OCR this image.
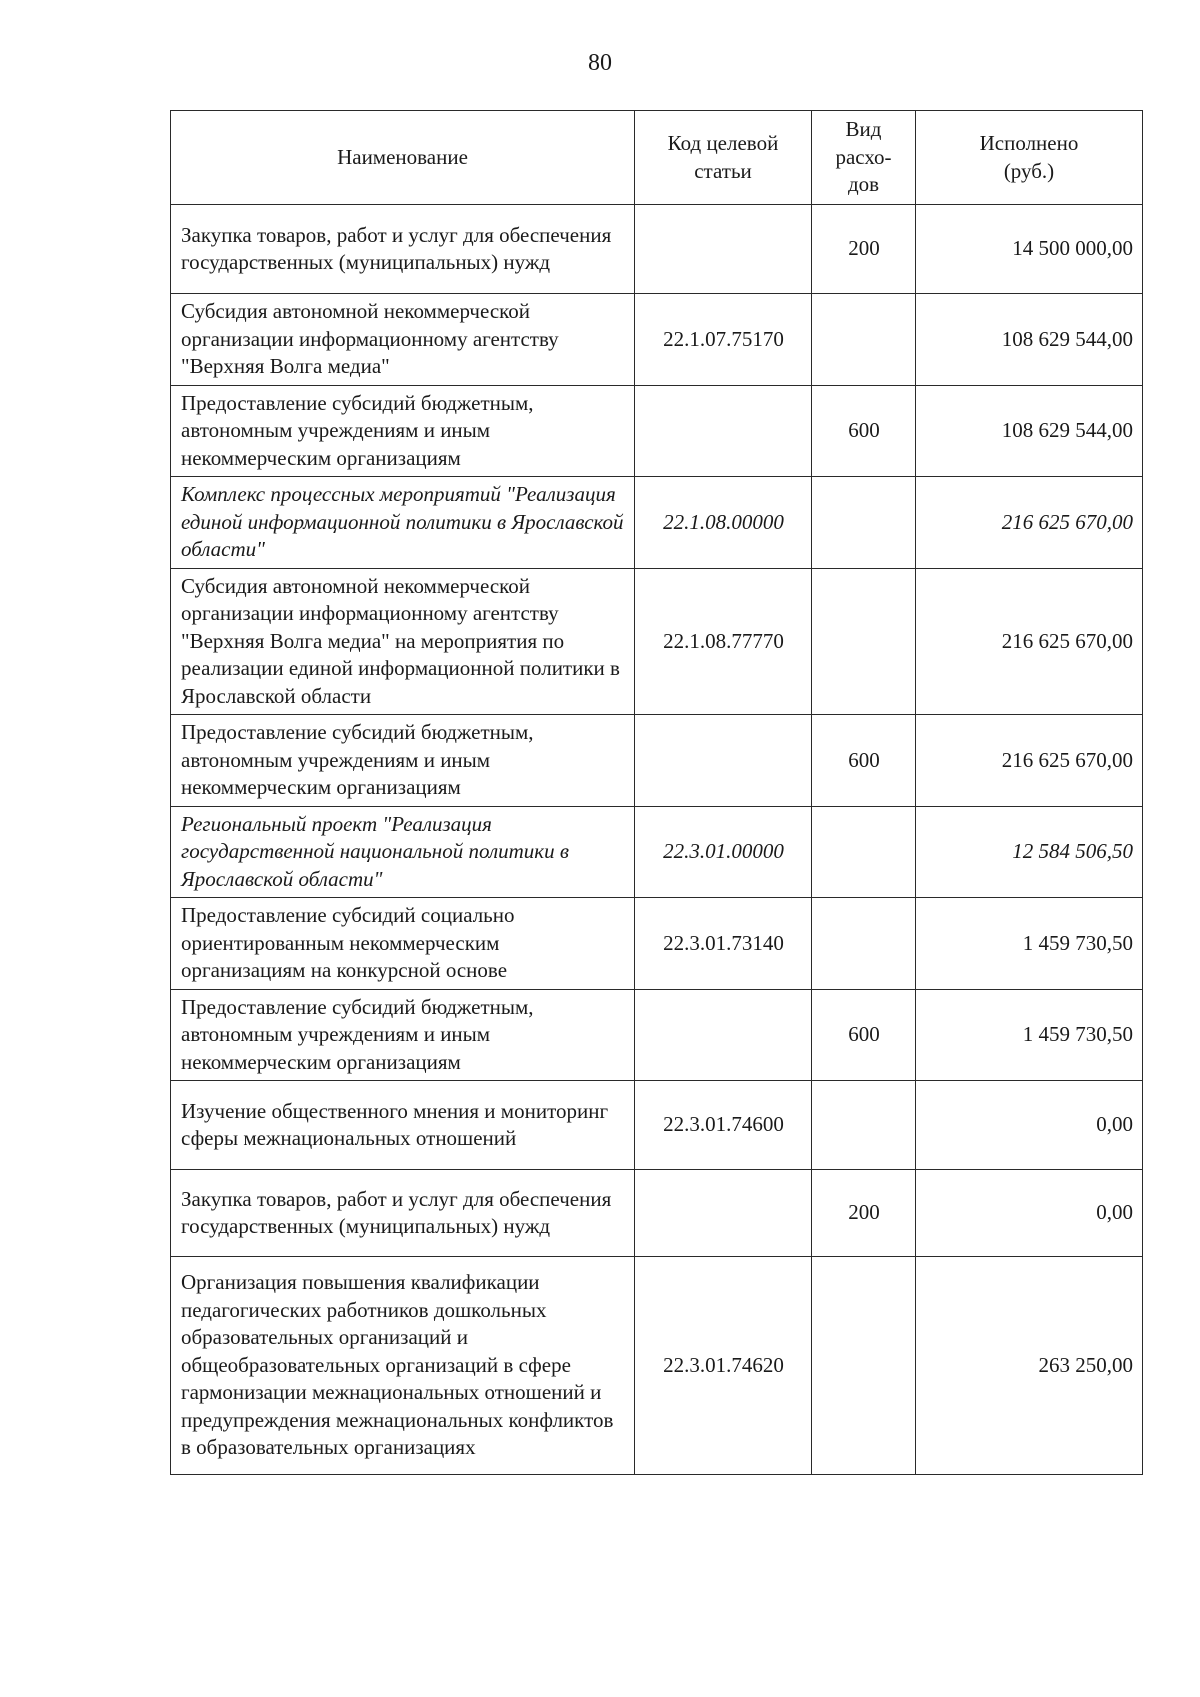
80
Наименование	Код целевой статьи	Вид расхо-дов	Исполнено (руб.)
Закупка товаров, работ и услуг для обеспечения государственных (муниципальных) нужд		200	14 500 000,00
Субсидия автономной некоммерческой организации информационному агентству "Верхняя Волга медиа"	22.1.07.75170		108 629 544,00
Предоставление субсидий бюджетным, автономным учреждениям и иным некоммерческим организациям		600	108 629 544,00
Комплекс процессных мероприятий "Реализация единой информационной политики в Ярославской области"	22.1.08.00000		216 625 670,00
Субсидия автономной некоммерческой организации информационному агентству "Верхняя Волга медиа" на мероприятия по реализации единой информационной политики в Ярославской области	22.1.08.77770		216 625 670,00
Предоставление субсидий бюджетным, автономным учреждениям и иным некоммерческим организациям		600	216 625 670,00
Региональный проект "Реализация государственной национальной политики в Ярославской области"	22.3.01.00000		12 584 506,50
Предоставление субсидий социально ориентированным некоммерческим организациям на конкурсной основе	22.3.01.73140		1 459 730,50
Предоставление субсидий бюджетным, автономным учреждениям и иным некоммерческим организациям		600	1 459 730,50
Изучение общественного мнения и мониторинг сферы межнациональных отношений	22.3.01.74600		0,00
Закупка товаров, работ и услуг для обеспечения государственных (муниципальных) нужд		200	0,00
Организация повышения квалификации педагогических работников дошкольных образовательных организаций и общеобразовательных организаций в сфере гармонизации межнациональных отношений и предупреждения межнациональных конфликтов в образовательных организациях	22.3.01.74620		263 250,00
